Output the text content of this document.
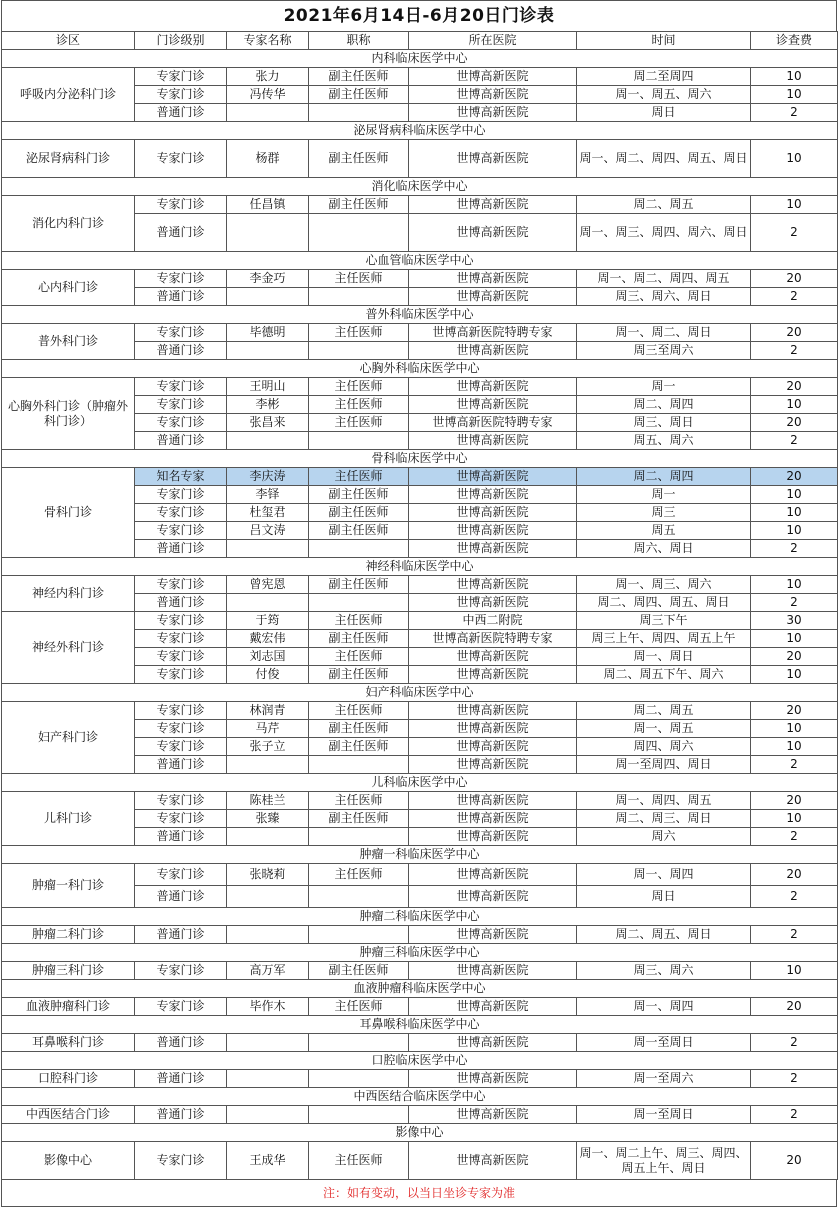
2021年6月14日-6月20日门诊表
诊区	门诊级别	专家名称	职称	所在医院	时间	诊查费
内科临床医学中心						
呼吸内分泌科门诊	专家门诊	张力	副主任医师	世博高新医院	周二至周四	10
	专家门诊	冯传华	副主任医师	世博高新医院	周一、周五、周六	10
	普通门诊			世博高新医院	周日	2
泌尿肾病科临床医学中心						
泌尿肾病科门诊	专家门诊	杨群	副主任医师	世博高新医院	周一、周二、周四、周五、周日	10
消化临床医学中心						
消化内科门诊	专家门诊	任昌镇	副主任医师	世博高新医院	周二、周五	10
	普通门诊			世博高新医院	周一、周三、周四、周六、周日	2
心血管临床医学中心						
心内科门诊	专家门诊	李金巧	主任医师	世博高新医院	周一、周二、周四、周五	20
	普通门诊			世博高新医院	周三、周六、周日	2
普外科临床医学中心						
普外科门诊	专家门诊	毕德明	主任医师	世博高新医院特聘专家	周一、周二、周日	20
	普通门诊			世博高新医院	周三至周六	2
心胸外科临床医学中心						
心胸外科门诊（肿瘤外科门诊）	专家门诊	王明山	主任医师	世博高新医院	周一	20
	专家门诊	李彬	主任医师	世博高新医院	周二、周四	10
	专家门诊	张昌来	主任医师	世博高新医院特聘专家	周三、周日	20
	普通门诊			世博高新医院	周五、周六	2
骨科临床医学中心						
骨科门诊	知名专家	李庆涛	主任医师	世博高新医院	周二、周四	20
	专家门诊	李铎	副主任医师	世博高新医院	周一	10
	专家门诊	杜玺君	副主任医师	世博高新医院	周三	10
	专家门诊	吕文涛	副主任医师	世博高新医院	周五	10
	普通门诊			世博高新医院	周六、周日	2
神经科临床医学中心						
神经内科门诊	专家门诊	曾宪恩	副主任医师	世博高新医院	周一、周三、周六	10
	普通门诊			世博高新医院	周二、周四、周五、周日	2
神经外科门诊	专家门诊	于筠	主任医师	中西二附院	周三下午	30
	专家门诊	戴宏伟	副主任医师	世博高新医院特聘专家	周三上午、周四、周五上午	10
	专家门诊	刘志国	主任医师	世博高新医院	周一、周日	20
	专家门诊	付俊	副主任医师	世博高新医院	周二、周五下午、周六	10
妇产科临床医学中心						
妇产科门诊	专家门诊	林润青	主任医师	世博高新医院	周二、周五	20
	专家门诊	马芹	副主任医师	世博高新医院	周一、周五	10
	专家门诊	张子立	副主任医师	世博高新医院	周四、周六	10
	普通门诊			世博高新医院	周一至周四、周日	2
儿科临床医学中心						
儿科门诊	专家门诊	陈桂兰	主任医师	世博高新医院	周一、周四、周五	20
	专家门诊	张臻	副主任医师	世博高新医院	周二、周三、周日	10
	普通门诊			世博高新医院	周六	2
肿瘤一科临床医学中心						
肿瘤一科门诊	专家门诊	张晓莉	主任医师	世博高新医院	周一、周四	20
	普通门诊			世博高新医院	周日	2
肿瘤二科临床医学中心						
肿瘤二科门诊	普通门诊			世博高新医院	周二、周五、周日	2
肿瘤三科临床医学中心						
肿瘤三科门诊	专家门诊	高万军	副主任医师	世博高新医院	周三、周六	10
血液肿瘤科临床医学中心						
血液肿瘤科门诊	专家门诊	毕作木	主任医师	世博高新医院	周一、周四	20
耳鼻喉科临床医学中心						
耳鼻喉科门诊	普通门诊			世博高新医院	周一至周日	2
口腔临床医学中心						
口腔科门诊	普通门诊			世博高新医院	周一至周六	2
中西医结合临床医学中心						
中西医结合门诊	普通门诊			世博高新医院	周一至周日	2
影像中心						
影像中心	专家门诊	王成华	主任医师	世博高新医院	周一、周二上午、周三、周四、周五上午、周日	20
注：如有变动，以当日坐诊专家为准
